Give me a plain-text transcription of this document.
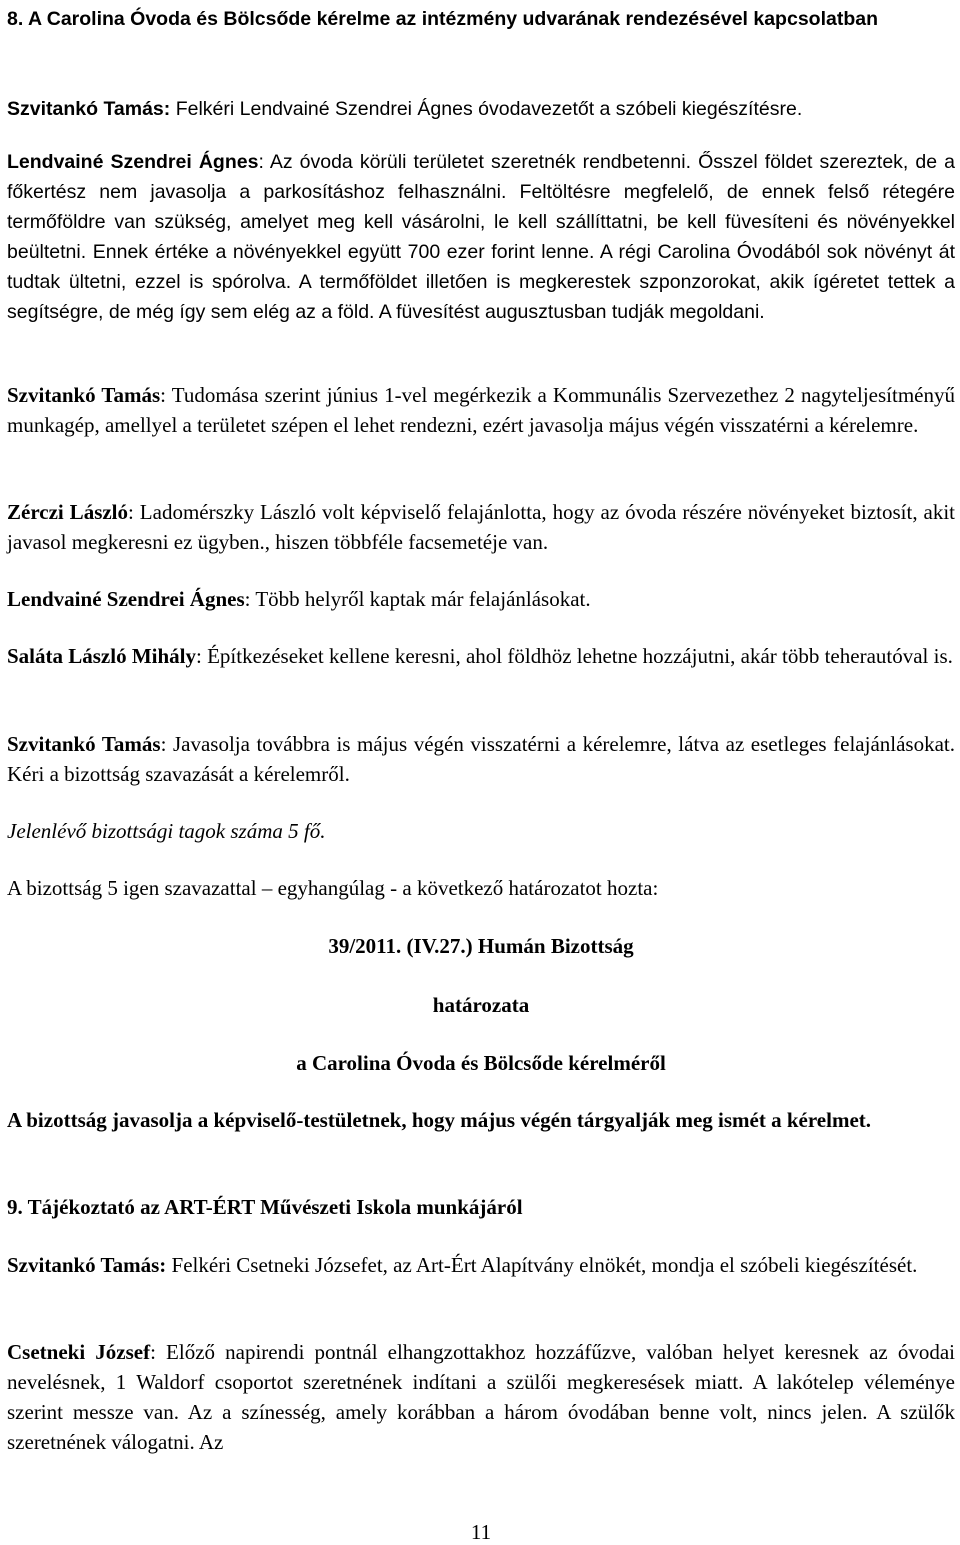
8. A Carolina Óvoda és Bölcsőde kérelme az intézmény udvarának rendezésével kapcsolatban

Szvitankó Tamás: Felkéri Lendvainé Szendrei Ágnes óvodavezetőt a szóbeli kiegészítésre.

Lendvainé Szendrei Ágnes: Az óvoda körüli területet szeretnék rendbetenni. Ősszel földet szereztek, de a főkertész nem javasolja a parkosításhoz felhasználni. Feltöltésre megfelelő, de ennek felső rétegére termőföldre van szükség, amelyet meg kell vásárolni, le kell szállíttatni, be kell füvesíteni és növényekkel beültetni. Ennek értéke a növényekkel együtt 700 ezer forint lenne. A régi Carolina Óvodából sok növényt át tudtak ültetni, ezzel is spórolva. A termőföldet illetően is megkerestek szponzorokat, akik ígéretet tettek a segítségre, de még így sem elég az a föld. A füvesítést augusztusban tudják megoldani.

Szvitankó Tamás: Tudomása szerint június 1-vel megérkezik a Kommunális Szervezethez 2 nagyteljesítményű munkagép, amellyel a területet szépen el lehet rendezni, ezért javasolja május végén visszatérni a kérelemre.

Zérczi László: Ladomérszky László volt képviselő felajánlotta, hogy az óvoda részére növényeket biztosít, akit javasol megkeresni ez ügyben., hiszen többféle facsemetéje van.

Lendvainé Szendrei Ágnes: Több helyről kaptak már felajánlásokat.

Saláta László Mihály: Építkezéseket kellene keresni, ahol földhöz lehetne hozzájutni, akár több teherautóval is.

Szvitankó Tamás: Javasolja továbbra is május végén visszatérni a kérelemre, látva az esetleges felajánlásokat. Kéri a bizottság szavazását a kérelemről.

Jelenlévő bizottsági tagok száma 5 fő.

A bizottság 5 igen szavazattal – egyhangúlag - a következő határozatot hozta:

39/2011. (IV.27.) Humán Bizottság

határozata

a Carolina Óvoda és Bölcsőde kérelméről

A bizottság javasolja a képviselő-testületnek, hogy május végén tárgyalják meg ismét a kérelmet.

9. Tájékoztató az ART-ÉRT Művészeti Iskola munkájáról

Szvitankó Tamás: Felkéri Csetneki Józsefet, az Art-Ért Alapítvány elnökét, mondja el szóbeli kiegészítését.

Csetneki József: Előző napirendi pontnál elhangzottakhoz hozzáfűzve, valóban helyet keresnek az óvodai nevelésnek, 1 Waldorf csoportot szeretnének indítani a szülői megkeresések miatt. A lakótelep véleménye szerint messze van. Az a színesség, amely korábban a három óvodában benne volt, nincs jelen. A szülők szeretnének válogatni. Az

11
